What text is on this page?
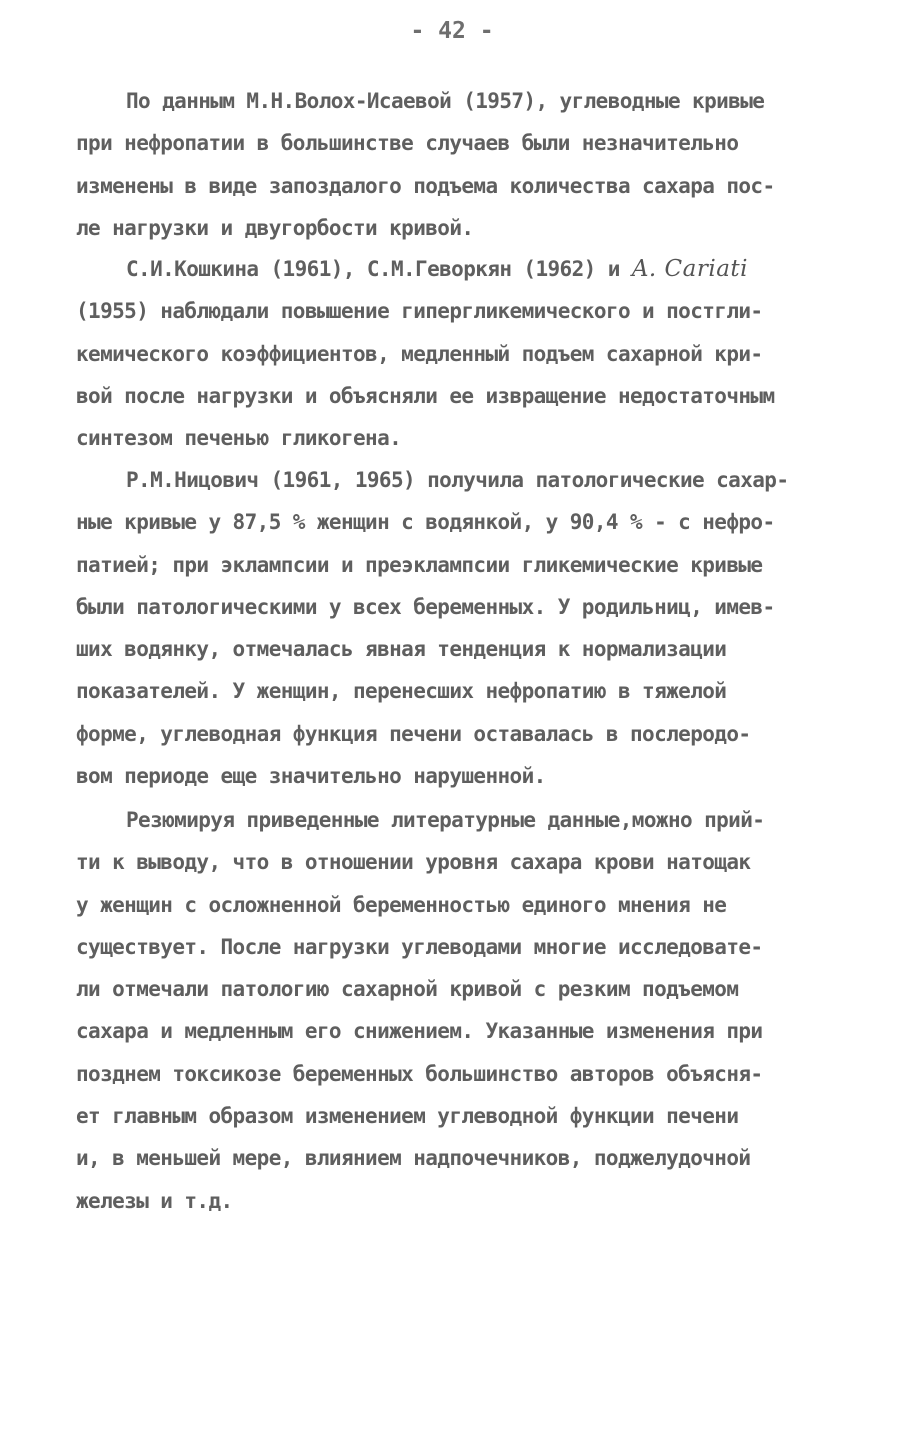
- 42 -
По данным М.Н.Волох-Исаевой (1957), углеводные кривые
при нефропатии в большинстве случаев были незначительно
изменены в виде запоздалого подъема количества сахара пос-
ле нагрузки и двугорбости кривой.
С.И.Кошкина (1961), С.М.Геворкян (1962) и A. Cariati
(1955) наблюдали повышение гипергликемического и постгли-
кемического коэффициентов, медленный подъем сахарной кри-
вой после нагрузки и объясняли ее извращение недостаточным
синтезом печенью гликогена.
Р.М.Ницович (1961, 1965) получила патологические сахар-
ные кривые у 87,5 % женщин с водянкой, у 90,4 % - с нефро-
патией; при эклампсии и преэклампсии гликемические кривые
были патологическими у всех беременных. У родильниц, имев-
ших водянку, отмечалась явная тенденция к нормализации
показателей. У женщин, перенесших нефропатию в тяжелой
форме, углеводная функция печени оставалась в послеродо-
вом периоде еще значительно нарушенной.
Резюмируя приведенные литературные данные,можно прий-
ти к выводу, что в отношении уровня сахара крови натощак
у женщин с осложненной беременностью единого мнения не
существует. После нагрузки углеводами многие исследовате-
ли отмечали патологию сахарной кривой с резким подъемом
сахара и медленным его снижением. Указанные изменения при
позднем токсикозе беременных большинство авторов объясня-
ет главным образом изменением углеводной функции печени
и, в меньшей мере, влиянием надпочечников, поджелудочной
железы и т.д.
